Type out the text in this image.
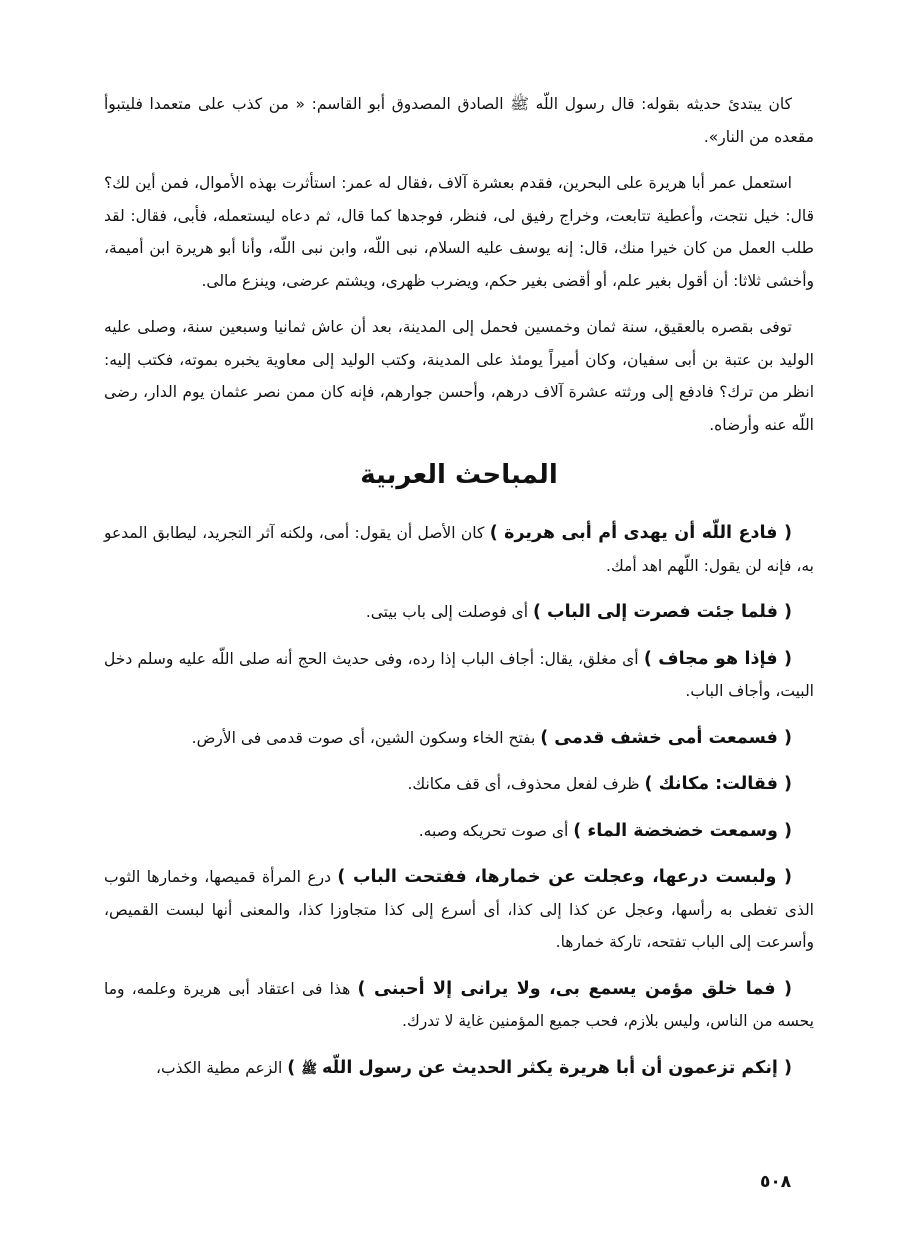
كان يبتدئ حديثه بقوله: قال رسول اللّه ﷺ الصادق المصدوق أبو القاسم: « من كذب على متعمدا فليتبوأ مقعده من النار».

استعمل عمر أبا هريرة على البحرين، فقدم بعشرة آلاف ،فقال له عمر: استأثرت بهذه الأموال، فمن أين لك؟ قال: خيل نتجت، وأعطية تتابعت، وخراج رفيق لى، فنظر، فوجدها كما قال، ثم دعاه ليستعمله، فأبى، فقال: لقد طلب العمل من كان خيرا منك، قال: إنه يوسف عليه السلام، نبى اللّه، وابن نبى اللّه، وأنا أبو هريرة ابن أميمة، وأخشى ثلاثا: أن أقول بغير علم، أو أقضى بغير حكم، ويضرب ظهرى، ويشتم عرضى، وينزع مالى.

توفى بقصره بالعقيق، سنة ثمان وخمسين فحمل إلى المدينة، بعد أن عاش ثمانيا وسبعين سنة، وصلى عليه الوليد بن عتبة بن أبى سفيان، وكان أميراً يومئذ على المدينة، وكتب الوليد إلى معاوية يخبره بموته، فكتب إليه: انظر من ترك؟ فادفع إلى ورثته عشرة آلاف درهم، وأحسن جوارهم، فإنه كان ممن نصر عثمان يوم الدار، رضى اللّه عنه وأرضاه.

المباحث العربية

( فادع اللّه أن يهدى أم أبى هريرة ) كان الأصل أن يقول: أمى، ولكنه آثر التجريد، ليطابق المدعو به، فإنه لن يقول: اللّهم اهد أمك.

( فلما جئت فصرت إلى الباب ) أى فوصلت إلى باب بيتى.

( فإذا هو مجاف ) أى مغلق، يقال: أجاف الباب إذا رده، وفى حديث الحج أنه صلى اللّه عليه وسلم دخل البيت، وأجاف الباب.

( فسمعت أمى خشف قدمى ) بفتح الخاء وسكون الشين، أى صوت قدمى فى الأرض.

( فقالت: مكانك ) ظرف لفعل محذوف، أى قف مكانك.

( وسمعت خضخضة الماء ) أى صوت تحريكه وصبه.

( ولبست درعها، وعجلت عن خمارها، ففتحت الباب ) درع المرأة قميصها، وخمارها الثوب الذى تغطى به رأسها، وعجل عن كذا إلى كذا، أى أسرع إلى كذا متجاوزا كذا، والمعنى أنها لبست القميص، وأسرعت إلى الباب تفتحه، تاركة خمارها.

( فما خلق مؤمن يسمع بى، ولا يرانى إلا أحبنى ) هذا فى اعتقاد أبى هريرة وعلمه، وما يحسه من الناس، وليس بلازم، فحب جميع المؤمنين غاية لا تدرك.

( إنكم تزعمون أن أبا هريرة يكثر الحديث عن رسول اللّه ﷺ ) الزعم مطية الكذب،

٥٠٨
